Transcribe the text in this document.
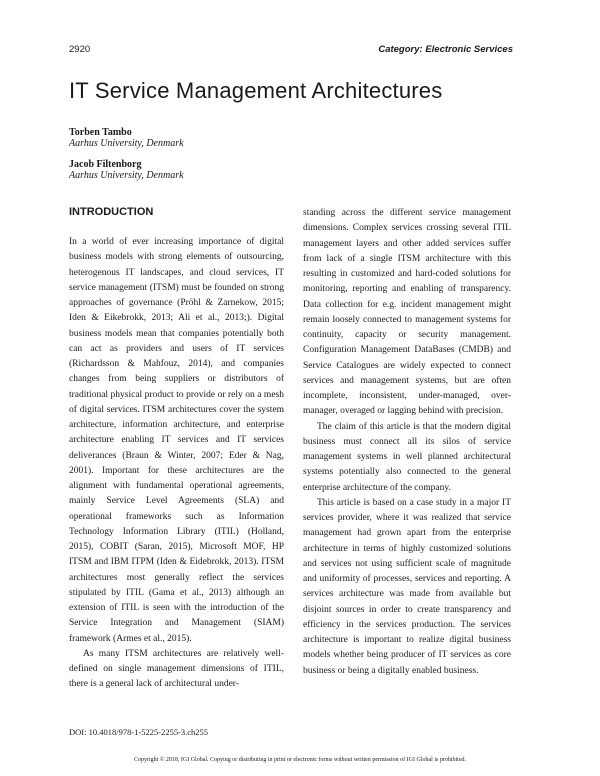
2920	Category: Electronic Services
IT Service Management Architectures
Torben Tambo
Aarhus University, Denmark
Jacob Filtenborg
Aarhus University, Denmark
INTRODUCTION

In a world of ever increasing importance of digital business models with strong elements of outsourcing, heterogenous IT landscapes, and cloud services, IT service management (ITSM) must be founded on strong approaches of governance (Pröhl & Zarnekow, 2015; Iden & Eikebrokk, 2013; Ali et al., 2013;). Digital business models mean that companies potentially both can act as providers and users of IT services (Richardsson & Mahfouz, 2014), and companies changes from being suppliers or distributors of traditional physical product to provide or rely on a mesh of digital services. ITSM architectures cover the system architecture, information architecture, and enterprise architecture enabling IT services and IT services deliverances (Braun & Winter, 2007; Eder & Nag, 2001). Important for these architectures are the alignment with fundamental operational agreements, mainly Service Level Agreements (SLA) and operational frameworks such as Information Technology Information Library (ITIL) (Holland, 2015), COBIT (Saran, 2015), Microsoft MOF, HP ITSM and IBM ITPM (Iden & Eidebrokk, 2013). ITSM architectures most generally reflect the services stipulated by ITIL (Gama et al., 2013) although an extension of ITIL is seen with the introduction of the Service Integration and Management (SIAM) framework (Armes et al., 2015).

As many ITSM architectures are relatively well-defined on single management dimensions of ITIL, there is a general lack of architectural under-

standing across the different service management dimensions. Complex services crossing several ITIL management layers and other added services suffer from lack of a single ITSM architecture with this resulting in customized and hard-coded solutions for monitoring, reporting and enabling of transparency. Data collection for e.g. incident management might remain loosely connected to management systems for continuity, capacity or security management. Configuration Management DataBases (CMDB) and Service Catalogues are widely expected to connect services and management systems, but are often incomplete, inconsistent, under-managed, over-manager, overaged or lagging behind with precision.

The claim of this article is that the modern digital business must connect all its silos of service management systems in well planned architectural systems potentially also connected to the general enterprise architecture of the company.

This article is based on a case study in a major IT services provider, where it was realized that service management had grown apart from the enterprise architecture in terms of highly customized solutions and services not using sufficient scale of magnitude and uniformity of processes, services and reporting. A services architecture was made from available but disjoint sources in order to create transparency and efficiency in the services production. The services architecture is important to realize digital business models whether being producer of IT services as core business or being a digitally enabled business.

DOI: 10.4018/978-1-5225-2255-3.ch255
Copyright © 2018, IGI Global. Copying or distributing in print or electronic forms without written permission of IGI Global is prohibited.
